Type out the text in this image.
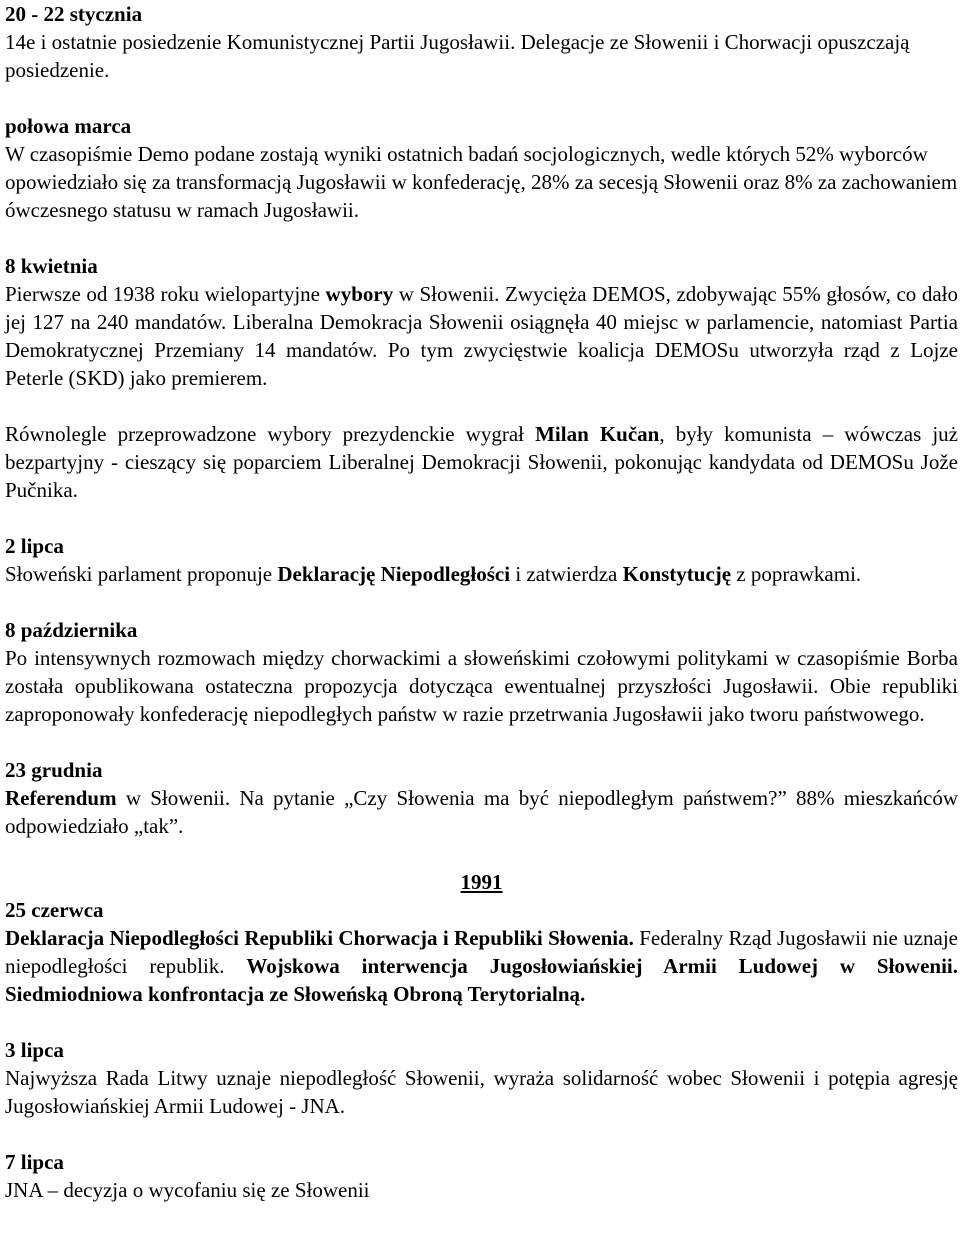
20 - 22 stycznia
14e i ostatnie posiedzenie Komunistycznej Partii Jugosławii. Delegacje ze Słowenii i Chorwacji opuszczają posiedzenie.
połowa marca
W czasopiśmie Demo podane zostają wyniki ostatnich badań socjologicznych, wedle których 52% wyborców opowiedziało się za transformacją Jugosławii w konfederację, 28% za secesją Słowenii oraz 8% za zachowaniem ówczesnego statusu w ramach Jugosławii.
8 kwietnia
Pierwsze od 1938 roku wielopartyjne wybory w Słowenii. Zwycięża DEMOS, zdobywając 55% głosów, co dało jej 127 na 240 mandatów. Liberalna Demokracja Słowenii osiągnęła 40 miejsc w parlamencie, natomiast Partia Demokratycznej Przemiany 14 mandatów. Po tym zwycięstwie koalicja DEMOSu utworzyła rząd z Lojze Peterle (SKD) jako premierem.
Równolegle przeprowadzone wybory prezydenckie wygrał Milan Kučan, były komunista – wówczas już bezpartyjny - cieszący się poparciem Liberalnej Demokracji Słowenii, pokonując kandydata od DEMOSu Jože Pučnika.
2 lipca
Słoweński parlament proponuje Deklarację Niepodległości i zatwierdza Konstytucję z poprawkami.
8 października
Po intensywnych rozmowach między chorwackimi a słoweńskimi czołowymi politykami w czasopiśmie Borba została opublikowana ostateczna propozycja dotycząca ewentualnej przyszłości Jugosławii. Obie republiki zaproponowały konfederację niepodległych państw w razie przetrwania Jugosławii jako tworu państwowego.
23 grudnia
Referendum w Słowenii. Na pytanie „Czy Słowenia ma być niepodległym państwem?” 88% mieszkańców odpowiedziało „tak”.
1991
25 czerwca
Deklaracja Niepodległości Republiki Chorwacja i Republiki Słowenia. Federalny Rząd Jugosławii nie uznaje niepodległości republik. Wojskowa interwencja Jugosłowiańskiej Armii Ludowej w Słowenii. Siedmiodniowa konfrontacja ze Słoweńską Obroną Terytorialną.
3 lipca
Najwyższa Rada Litwy uznaje niepodległość Słowenii, wyraża solidarność wobec Słowenii i potępia agresję Jugosłowiańskiej Armii Ludowej - JNA.
7 lipca
JNA – decyzja o wycofaniu się ze Słowenii
